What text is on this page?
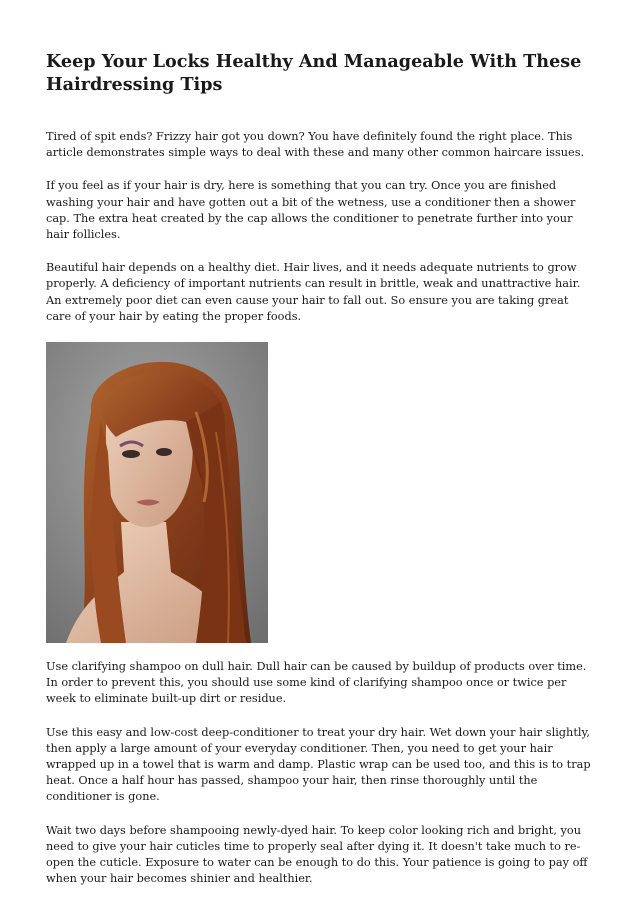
Keep Your Locks Healthy And Manageable With These Hairdressing Tips

Tired of spit ends? Frizzy hair got you down? You have definitely found the right place. This article demonstrates simple ways to deal with these and many other common haircare issues.

If you feel as if your hair is dry, here is something that you can try. Once you are finished washing your hair and have gotten out a bit of the wetness, use a conditioner then a shower cap. The extra heat created by the cap allows the conditioner to penetrate further into your hair follicles.

Beautiful hair depends on a healthy diet. Hair lives, and it needs adequate nutrients to grow properly. A deficiency of important nutrients can result in brittle, weak and unattractive hair. An extremely poor diet can even cause your hair to fall out. So ensure you are taking great care of your hair by eating the proper foods.

Use clarifying shampoo on dull hair. Dull hair can be caused by buildup of products over time. In order to prevent this, you should use some kind of clarifying shampoo once or twice per week to eliminate built-up dirt or residue.

Use this easy and low-cost deep-conditioner to treat your dry hair. Wet down your hair slightly, then apply a large amount of your everyday conditioner. Then, you need to get your hair wrapped up in a towel that is warm and damp. Plastic wrap can be used too, and this is to trap heat. Once a half hour has passed, shampoo your hair, then rinse thoroughly until the conditioner is gone.

Wait two days before shampooing newly-dyed hair. To keep color looking rich and bright, you need to give your hair cuticles time to properly seal after dying it. It doesn't take much to re-open the cuticle. Exposure to water can be enough to do this. Your patience is going to pay off when your hair becomes shinier and healthier.
